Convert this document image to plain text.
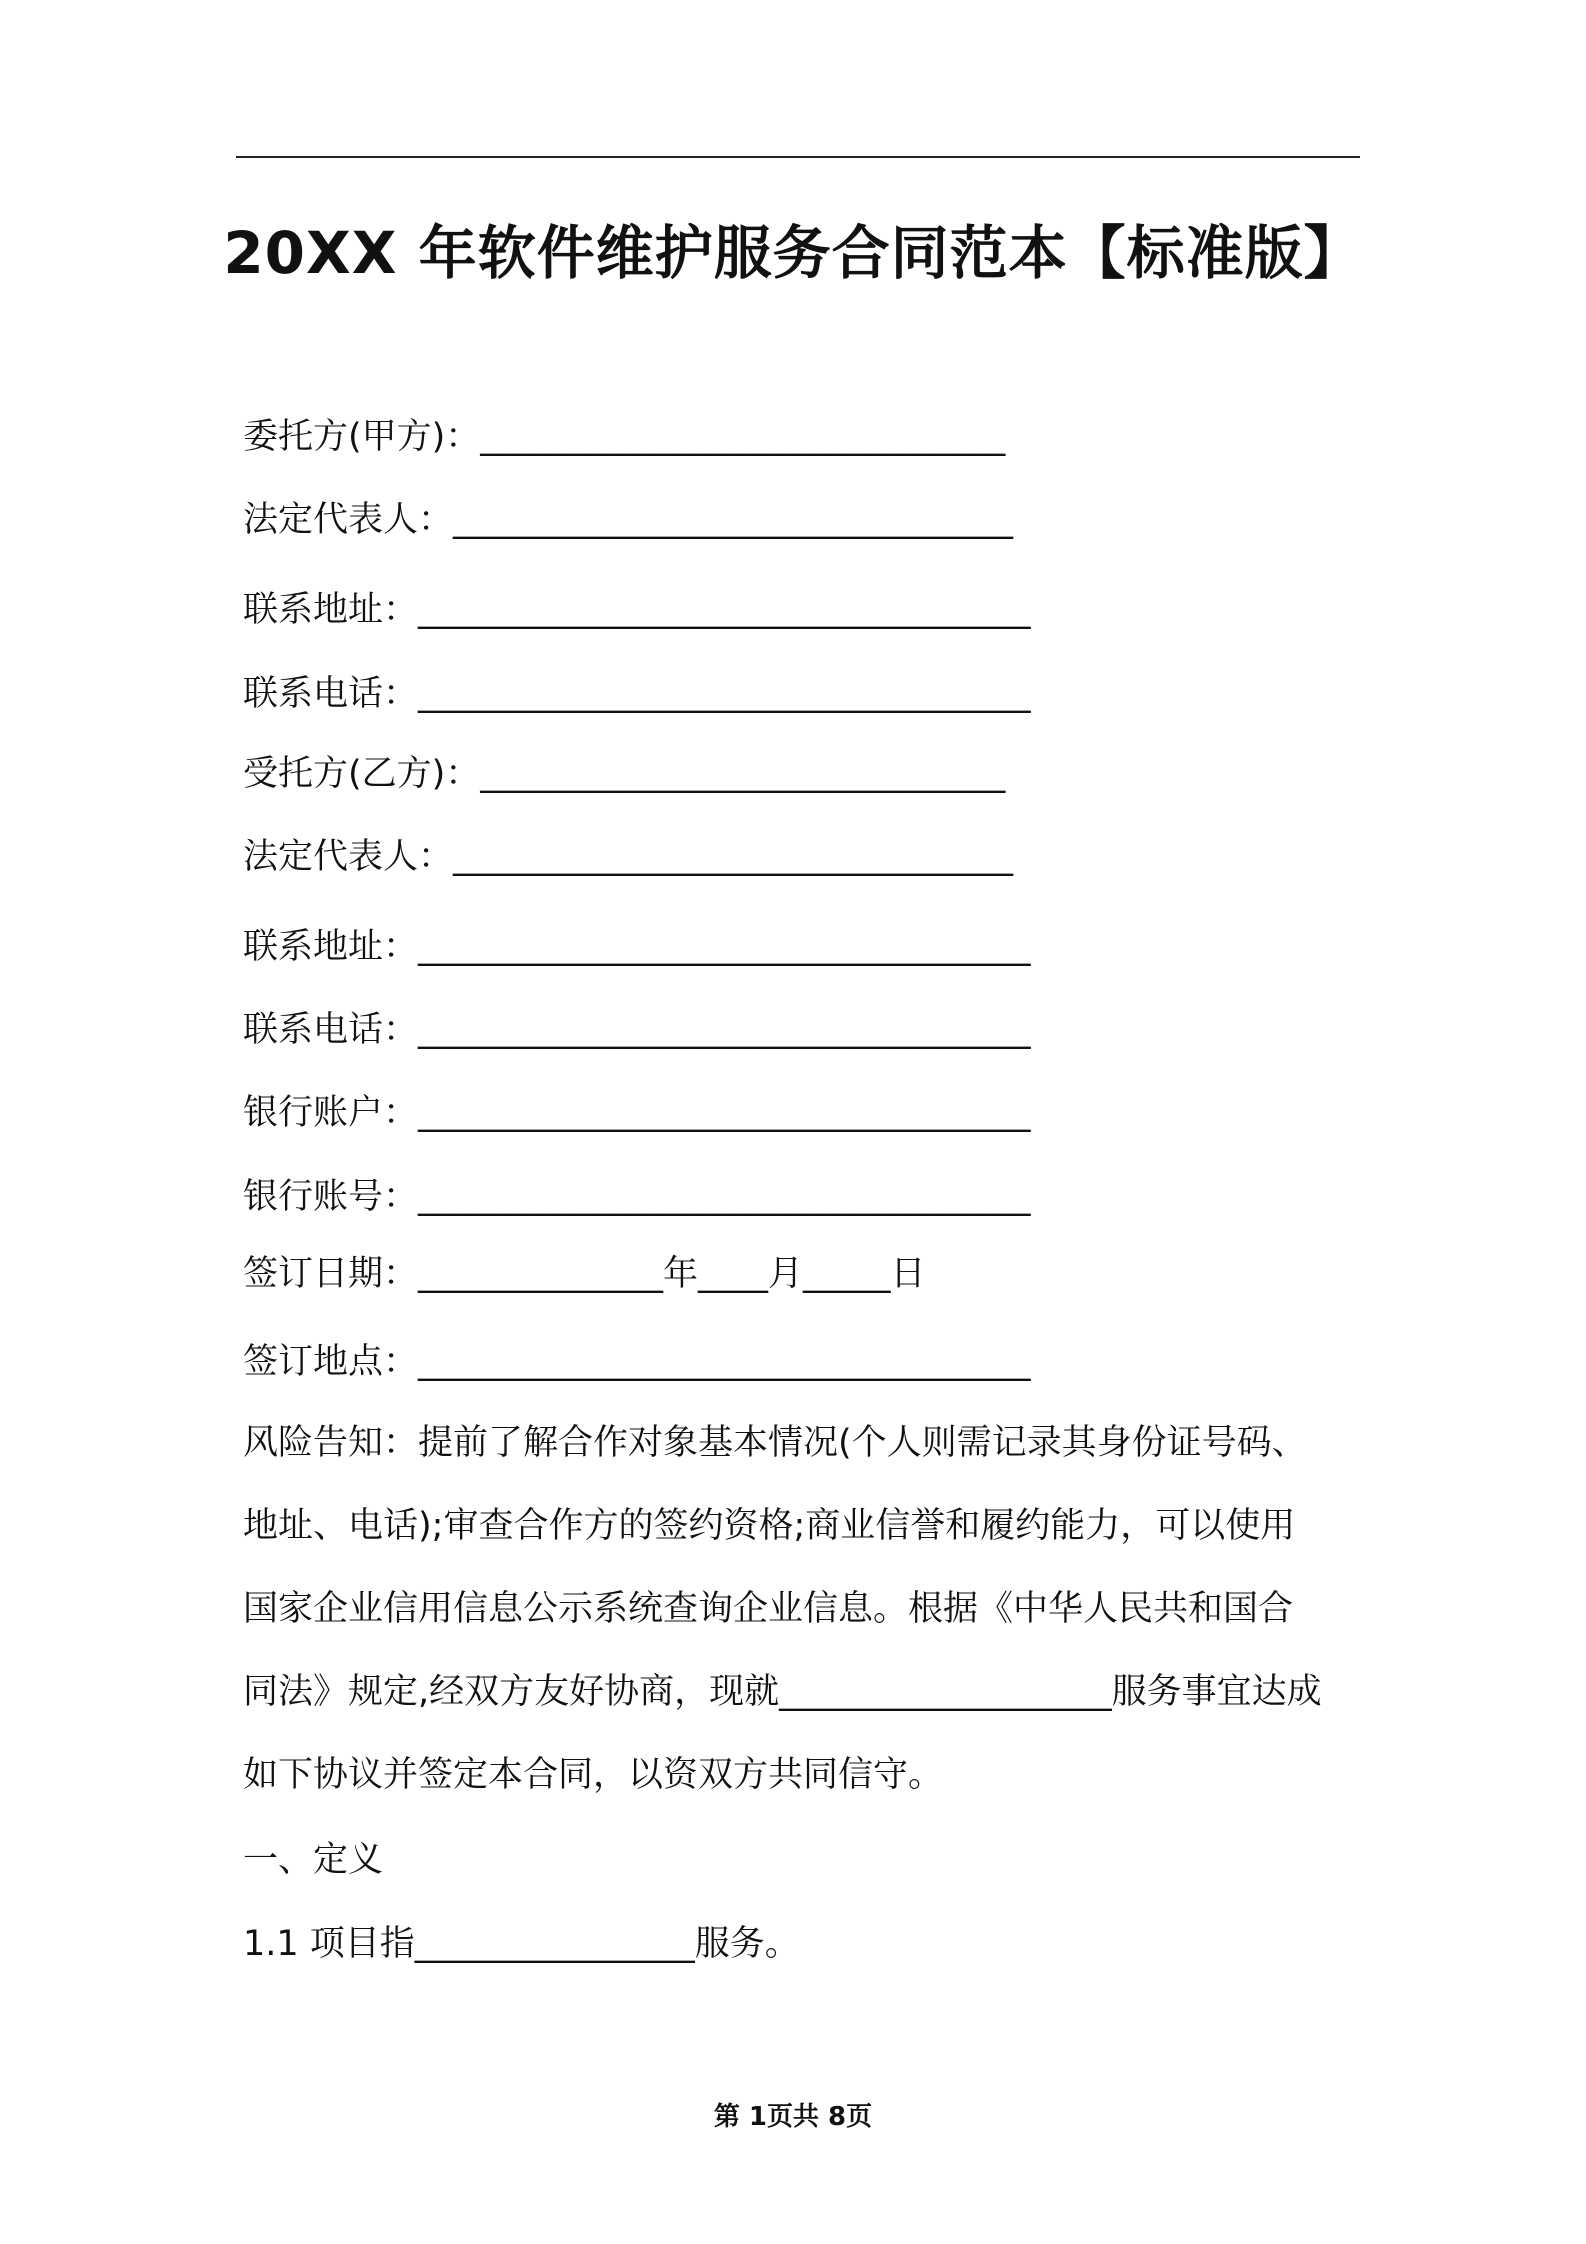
20XX 年软件维护服务合同范本【标准版】
委托方(甲方)：______________________________
法定代表人：________________________________
联系地址：___________________________________
联系电话：___________________________________
受托方(乙方)：______________________________
法定代表人：________________________________
联系地址：___________________________________
联系电话：___________________________________
银行账户：___________________________________
银行账号：___________________________________
签订日期：______________年____月_____日
签订地点：___________________________________
风险告知：提前了解合作对象基本情况(个人则需记录其身份证号码、
地址、电话);审查合作方的签约资格;商业信誉和履约能力，可以使用
国家企业信用信息公示系统查询企业信息。根据《中华人民共和国合
同法》规定,经双方友好协商，现就___________________服务事宜达成
如下协议并签定本合同，以资双方共同信守。
一、定义
1.1 项目指________________服务。
第 1页共 8页
